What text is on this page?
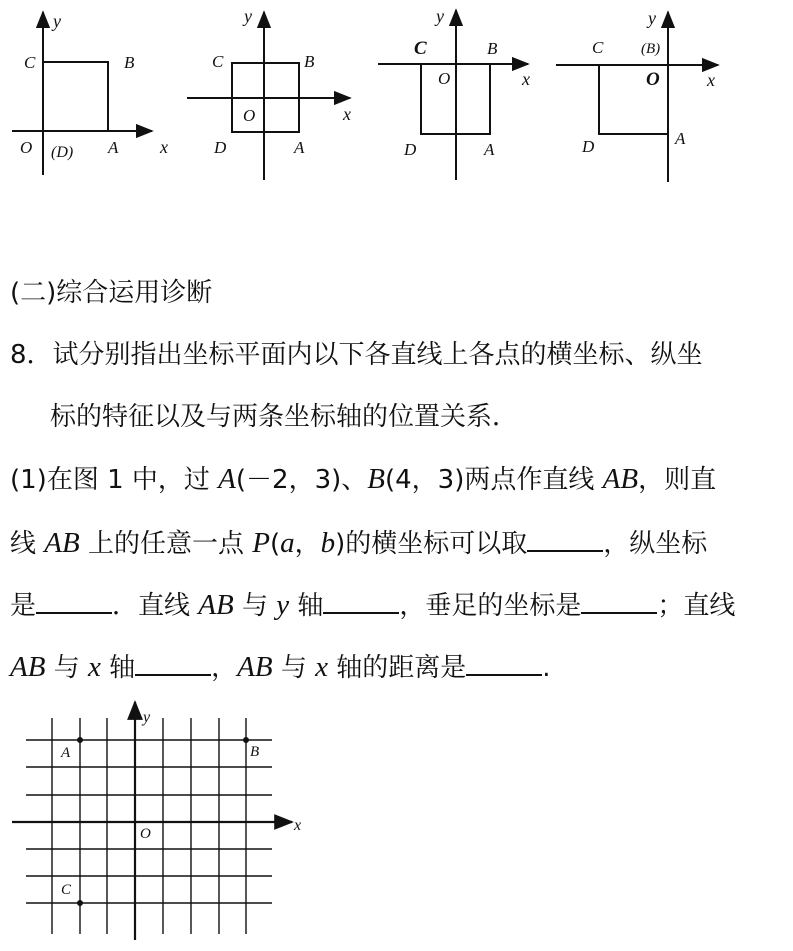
y
x
C	B
O (D) A
y
x
C	B
O
D	A
y
x
C	B
O
D	A
y
x
C	(B)
O
D	A
y
x
A	B
O
C
(二)综合运用诊断
8．试分别指出坐标平面内以下各直线上各点的横坐标、纵坐
标的特征以及与两条坐标轴的位置关系．
(1)在图 1 中，过 A(－2，3)、B(4，3)两点作直线 AB，则直
线 AB 上的任意一点 P(a，b)的横坐标可以取	，纵坐标
是	．直线 AB 与 y 轴	，垂足的坐标是	；直线
AB 与 x 轴	，AB 与 x 轴的距离是	.
